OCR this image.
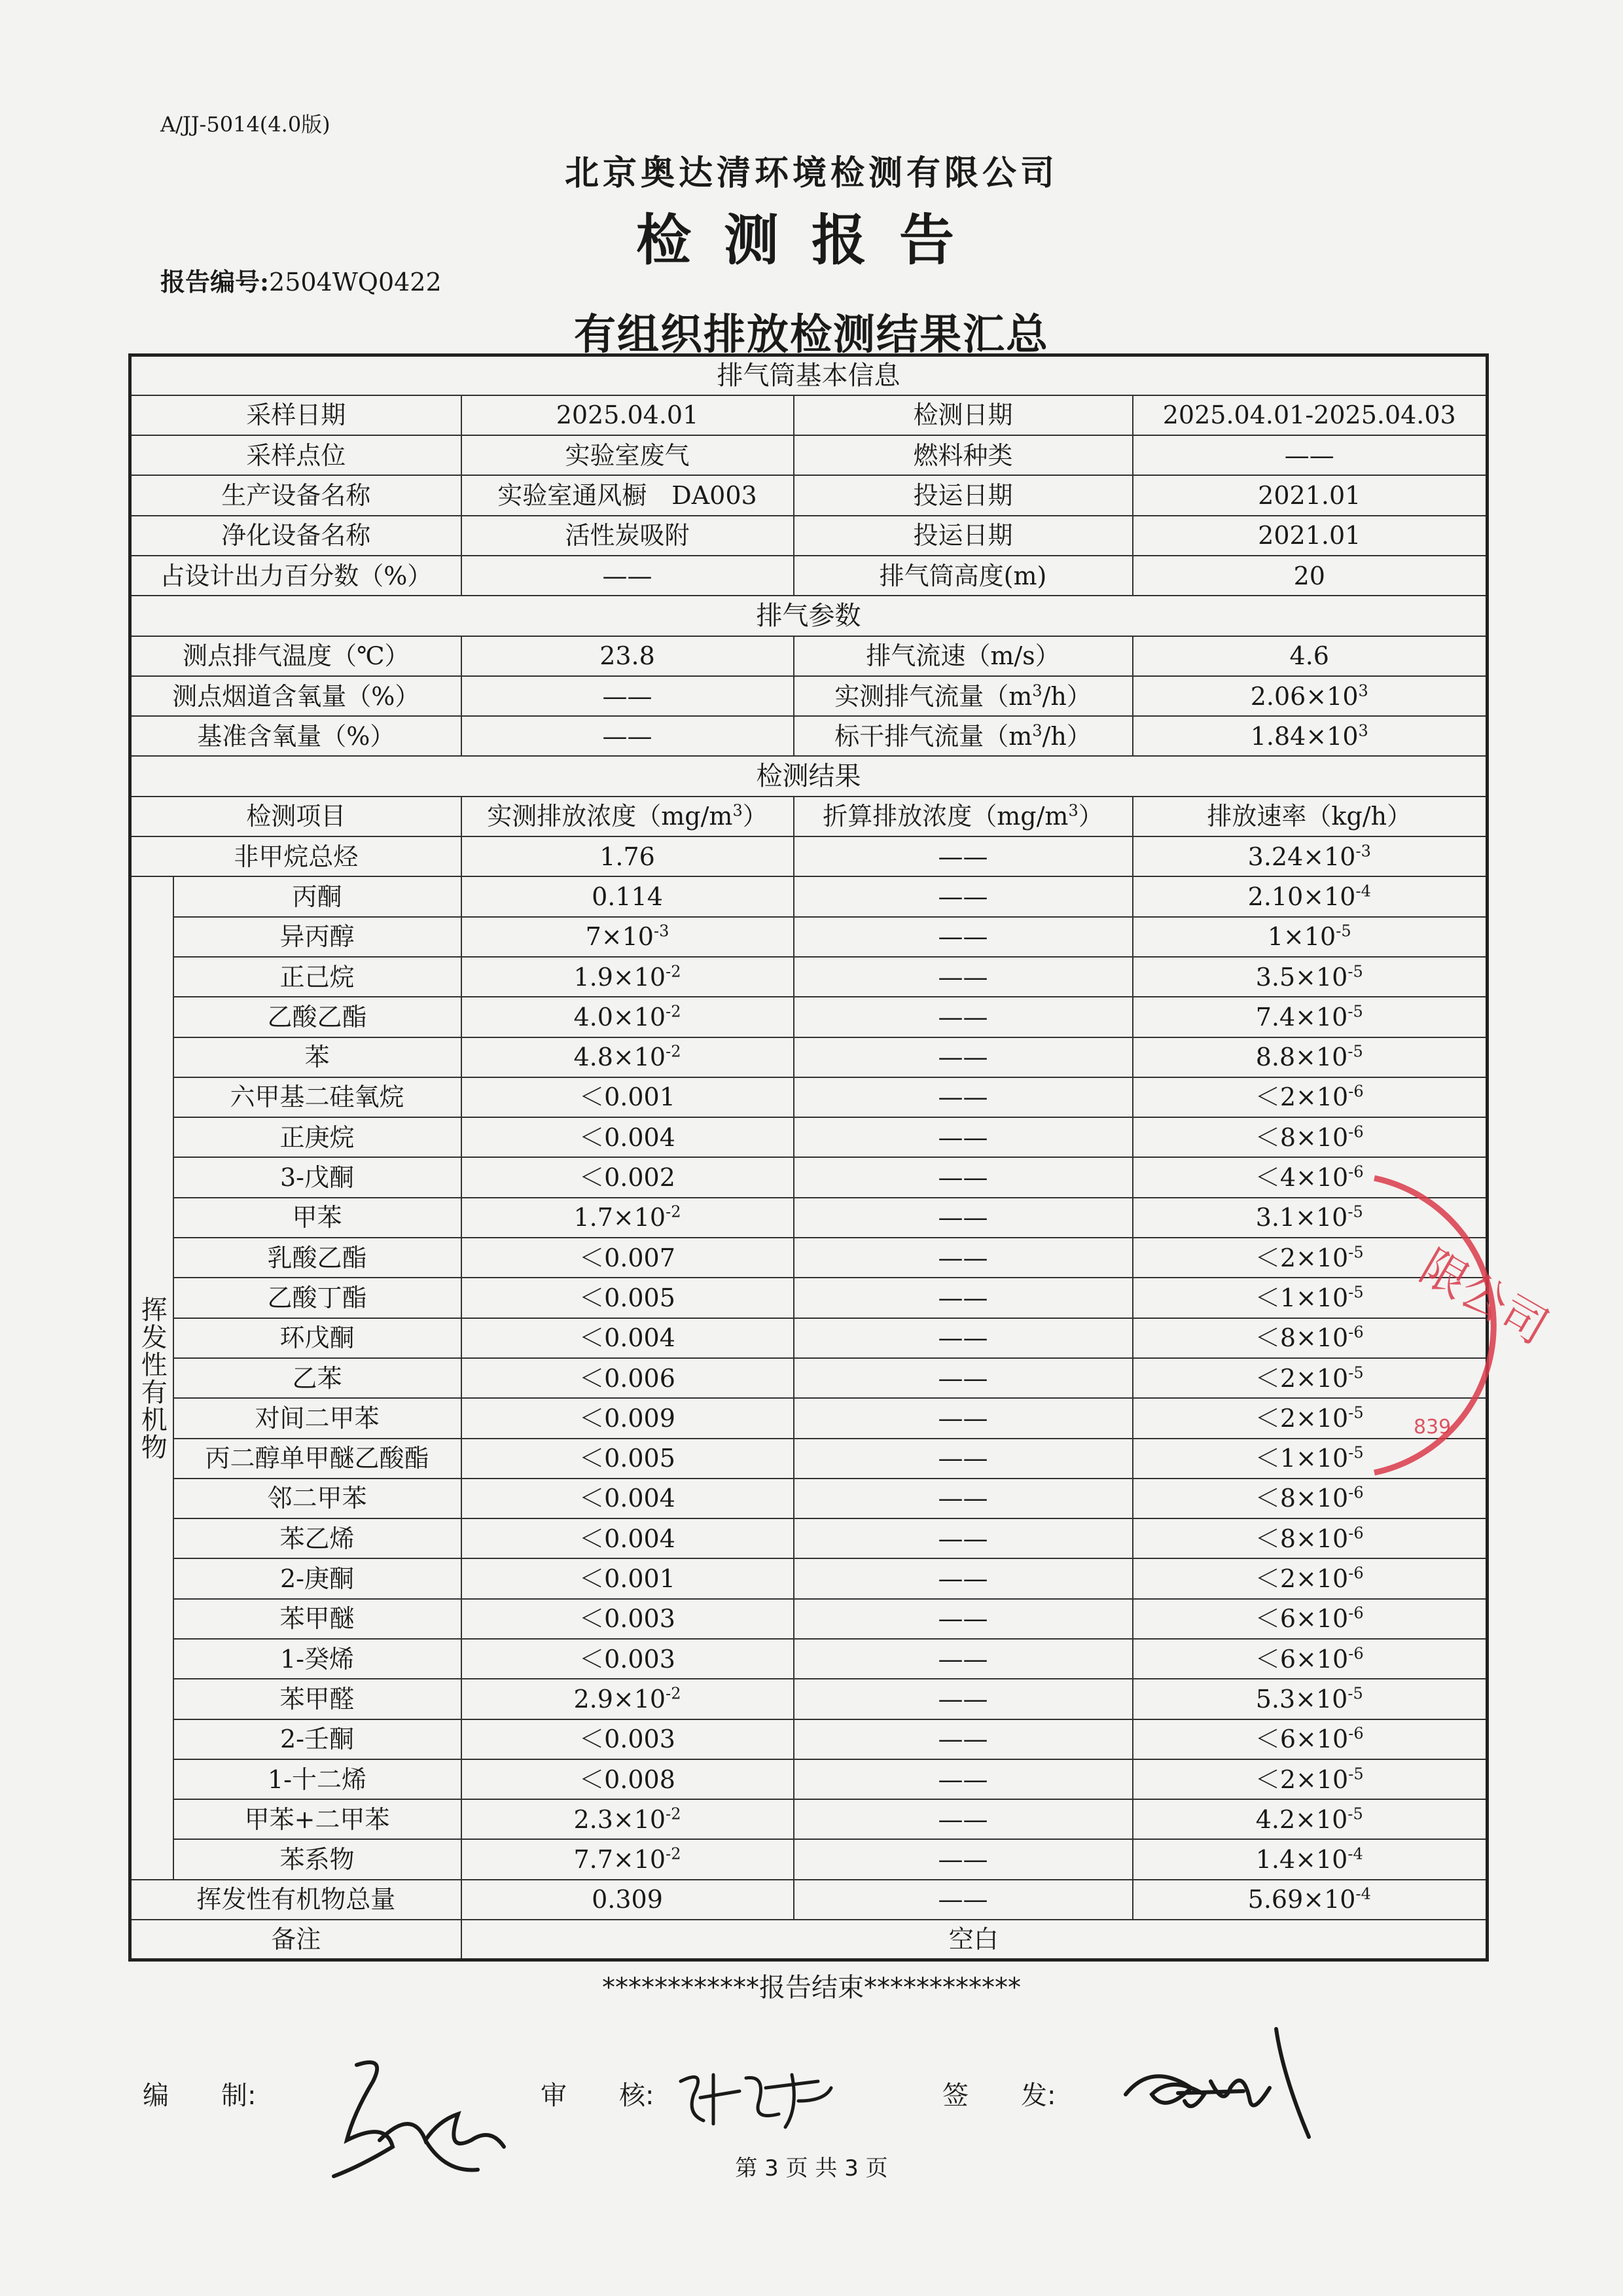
A/JJ-5014(4.0版)
北京奥达清环境检测有限公司
检测报告
报告编号:2504WQ0422
有组织排放检测结果汇总
排气筒基本信息				
采样日期		2025.04.01	检测日期	2025.04.01-2025.04.03
采样点位		实验室废气	燃料种类	——
生产设备名称		实验室通风橱　DA003	投运日期	2021.01
净化设备名称		活性炭吸附	投运日期	2021.01
占设计出力百分数（%）		——	排气筒高度(m)	20
排气参数				
测点排气温度（℃）		23.8	排气流速（m/s）	4.6
测点烟道含氧量（%）		——	实测排气流量$(m^3/h)$	$2.06\times 10^3$
基准含氧量（%）		——	标干排气流量$(m^3/h)$	$1.84\times 10^3$
检测结果				
检测项目		实测排放浓度$(mg/m^3)$	折算排放浓度$(mg/m^3)$	排放速率（kg/h）
非甲烷总烃		1.76	——	$3.24\times 10^{-3}$
挥发性有机物	丙酮	0.114	——	$2.10\times 10^{-4}$
	异丙醇	$7\times 10^{-3}$	——	$1\times 10^{-5}$
	正己烷	$1.9\times 10^{-2}$	——	$3.5\times 10^{-5}$
	乙酸乙酯	$4.0\times 10^{-2}$	——	$7.4\times 10^{-5}$
	苯	$4.8\times 10^{-2}$	——	$8.8\times 10^{-5}$
	六甲基二硅氧烷	＜0.001	——	$<2\times 10^{-6}$
	正庚烷	＜0.004	——	$<8\times 10^{-6}$
	3-戊酮	＜0.002	——	$<4\times 10^{-6}$
	甲苯	$1.7\times 10^{-2}$	——	$3.1\times 10^{-5}$
	乳酸乙酯	＜0.007	——	$<2\times 10^{-5}$
	乙酸丁酯	＜0.005	——	$<1\times 10^{-5}$
	环戊酮	＜0.004	——	$<8\times 10^{-6}$
	乙苯	＜0.006	——	$<2\times 10^{-5}$
	对间二甲苯	＜0.009	——	$<2\times 10^{-5}$
	丙二醇单甲醚乙酸酯	＜0.005	——	$<1\times 10^{-5}$
	邻二甲苯	＜0.004	——	$<8\times 10^{-6}$
	苯乙烯	＜0.004	——	$<8\times 10^{-6}$
	2-庚酮	＜0.001	——	$<2\times 10^{-6}$
	苯甲醚	＜0.003	——	$<6\times 10^{-6}$
	1-癸烯	＜0.003	——	$<6\times 10^{-6}$
	苯甲醛	$2.9\times 10^{-2}$	——	$5.3\times 10^{-5}$
	2-壬酮	＜0.003	——	$<6\times 10^{-6}$
	1-十二烯	＜0.008	——	$<2\times 10^{-5}$
	甲苯+二甲苯	$2.3\times 10^{-2}$	——	$4.2\times 10^{-5}$
	苯系物	$7.7\times 10^{-2}$	——	$1.4\times 10^{-4}$
挥发性有机物总量		0.309	——	$5.69\times 10^{-4}$
备注		空白		
************报告结束************
编　　制:	审　　核:	签　　发:
第 3 页 共 3 页
限公司
839
